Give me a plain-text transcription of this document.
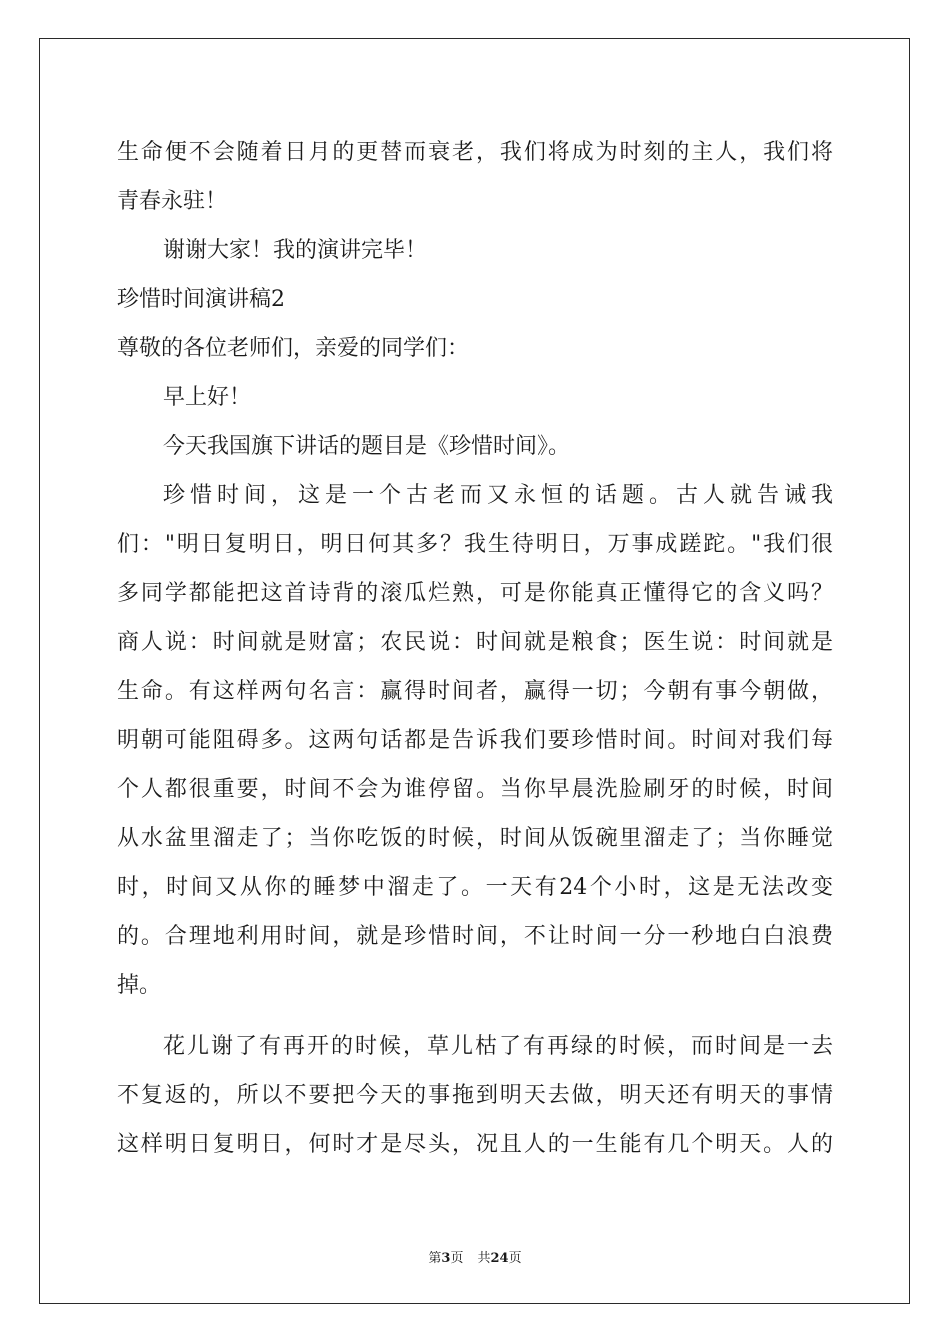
生命便不会随着日月的更替而衰老，我们将成为时刻的主人，我们将
青春永驻！
谢谢大家！我的演讲完毕！
珍惜时间演讲稿2
尊敬的各位老师们，亲爱的同学们：
早上好！
今天我国旗下讲话的题目是《珍惜时间》。
珍惜时间，这是一个古老而又永恒的话题。古人就告诫我
们："明日复明日，明日何其多？我生待明日，万事成蹉跎。"我们很
多同学都能把这首诗背的滚瓜烂熟，可是你能真正懂得它的含义吗？
商人说：时间就是财富；农民说：时间就是粮食；医生说：时间就是
生命。有这样两句名言：赢得时间者，赢得一切；今朝有事今朝做，
明朝可能阻碍多。这两句话都是告诉我们要珍惜时间。时间对我们每
个人都很重要，时间不会为谁停留。当你早晨洗脸刷牙的时候，时间
从水盆里溜走了；当你吃饭的时候，时间从饭碗里溜走了；当你睡觉
时，时间又从你的睡梦中溜走了。一天有24个小时，这是无法改变
的。合理地利用时间，就是珍惜时间，不让时间一分一秒地白白浪费
掉。
花儿谢了有再开的时候，草儿枯了有再绿的时候，而时间是一去
不复返的，所以不要把今天的事拖到明天去做，明天还有明天的事情
这样明日复明日，何时才是尽头，况且人的一生能有几个明天。人的
第3页 共24页
